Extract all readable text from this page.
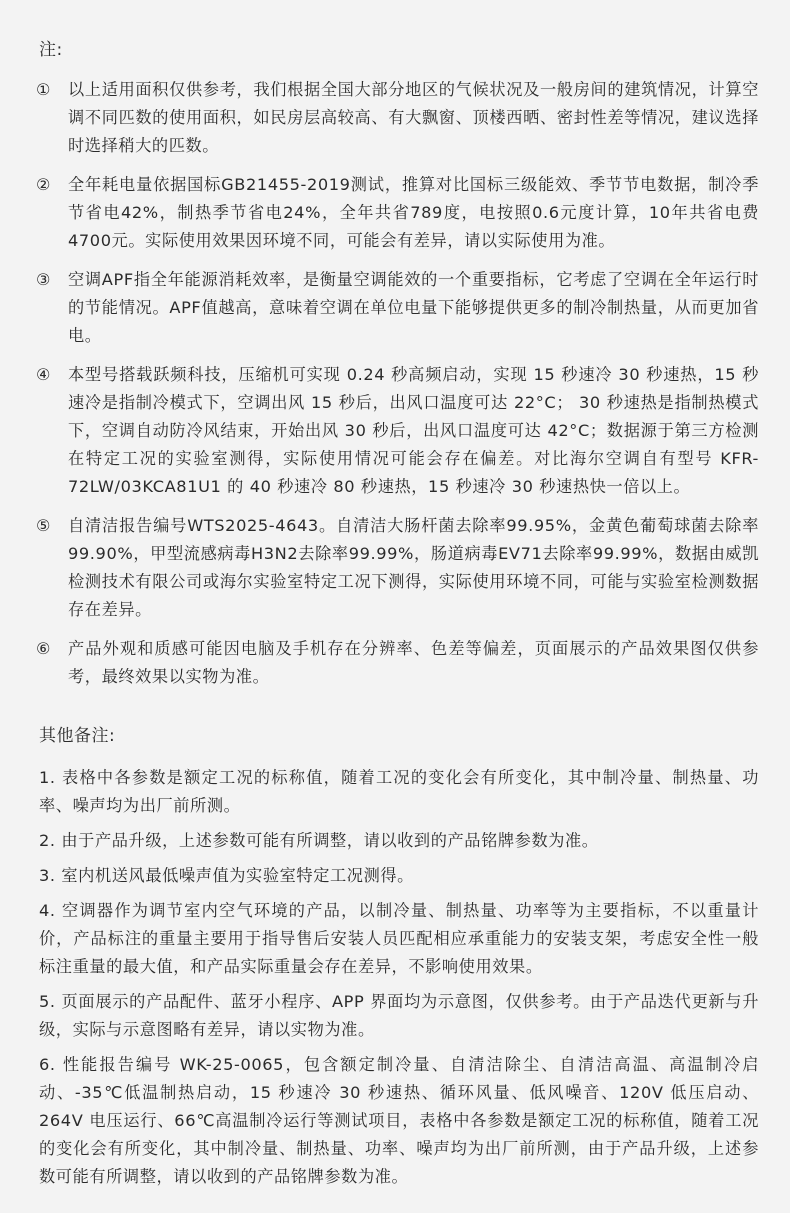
注:
①	以上适用面积仅供参考，我们根据全国大部分地区的气候状况及一般房间的建筑情况，计算空调不同匹数的使用面积，如民房层高较高、有大飘窗、顶楼西晒、密封性差等情况，建议选择时选择稍大的匹数。
②	全年耗电量依据国标GB21455-2019测试，推算对比国标三级能效、季节节电数据，制冷季节省电42%，制热季节省电24%，全年共省789度，电按照0.6元度计算，10年共省电费4700元。实际使用效果因环境不同，可能会有差异，请以实际使用为准。
③	空调APF指全年能源消耗效率，是衡量空调能效的一个重要指标，它考虑了空调在全年运行时的节能情况。APF值越高，意味着空调在单位电量下能够提供更多的制冷制热量，从而更加省电。
④	本型号搭载跃频科技，压缩机可实现 0.24 秒高频启动，实现 15 秒速冷 30 秒速热，15 秒速冷是指制冷模式下，空调出风 15 秒后，出风口温度可达 22°C； 30 秒速热是指制热模式下，空调自动防冷风结束，开始出风 30 秒后，出风口温度可达 42°C；数据源于第三方检测在特定工况的实验室测得，实际使用情况可能会存在偏差。对比海尔空调自有型号 KFR-72LW/03KCA81U1 的 40 秒速冷 80 秒速热，15 秒速冷 30 秒速热快一倍以上。
⑤	自清洁报告编号WTS2025-4643。自清洁大肠杆菌去除率99.95%，金黄色葡萄球菌去除率99.90%，甲型流感病毒H3N2去除率99.99%，肠道病毒EV71去除率99.99%，数据由威凯检测技术有限公司或海尔实验室特定工况下测得，实际使用环境不同，可能与实验室检测数据存在差异。
⑥	产品外观和质感可能因电脑及手机存在分辨率、色差等偏差，页面展示的产品效果图仅供参考，最终效果以实物为准。
其他备注:
1. 表格中各参数是额定工况的标称值，随着工况的变化会有所变化，其中制冷量、制热量、功率、噪声均为出厂前所测。
2. 由于产品升级，上述参数可能有所调整，请以收到的产品铭牌参数为准。
3. 室内机送风最低噪声值为实验室特定工况测得。
4. 空调器作为调节室内空气环境的产品，以制冷量、制热量、功率等为主要指标，不以重量计价，产品标注的重量主要用于指导售后安装人员匹配相应承重能力的安装支架，考虑安全性一般标注重量的最大值，和产品实际重量会存在差异，不影响使用效果。
5. 页面展示的产品配件、蓝牙小程序、APP 界面均为示意图，仅供参考。由于产品迭代更新与升级，实际与示意图略有差异，请以实物为准。
6. 性能报告编号 WK-25-0065，包含额定制冷量、自清洁除尘、自清洁高温、高温制冷启动、-35℃低温制热启动，15 秒速冷 30 秒速热、循环风量、低风噪音、120V 低压启动、264V 电压运行、66℃高温制冷运行等测试项目，表格中各参数是额定工况的标称值，随着工况的变化会有所变化，其中制冷量、制热量、功率、噪声均为出厂前所测，由于产品升级，上述参数可能有所调整，请以收到的产品铭牌参数为准。
